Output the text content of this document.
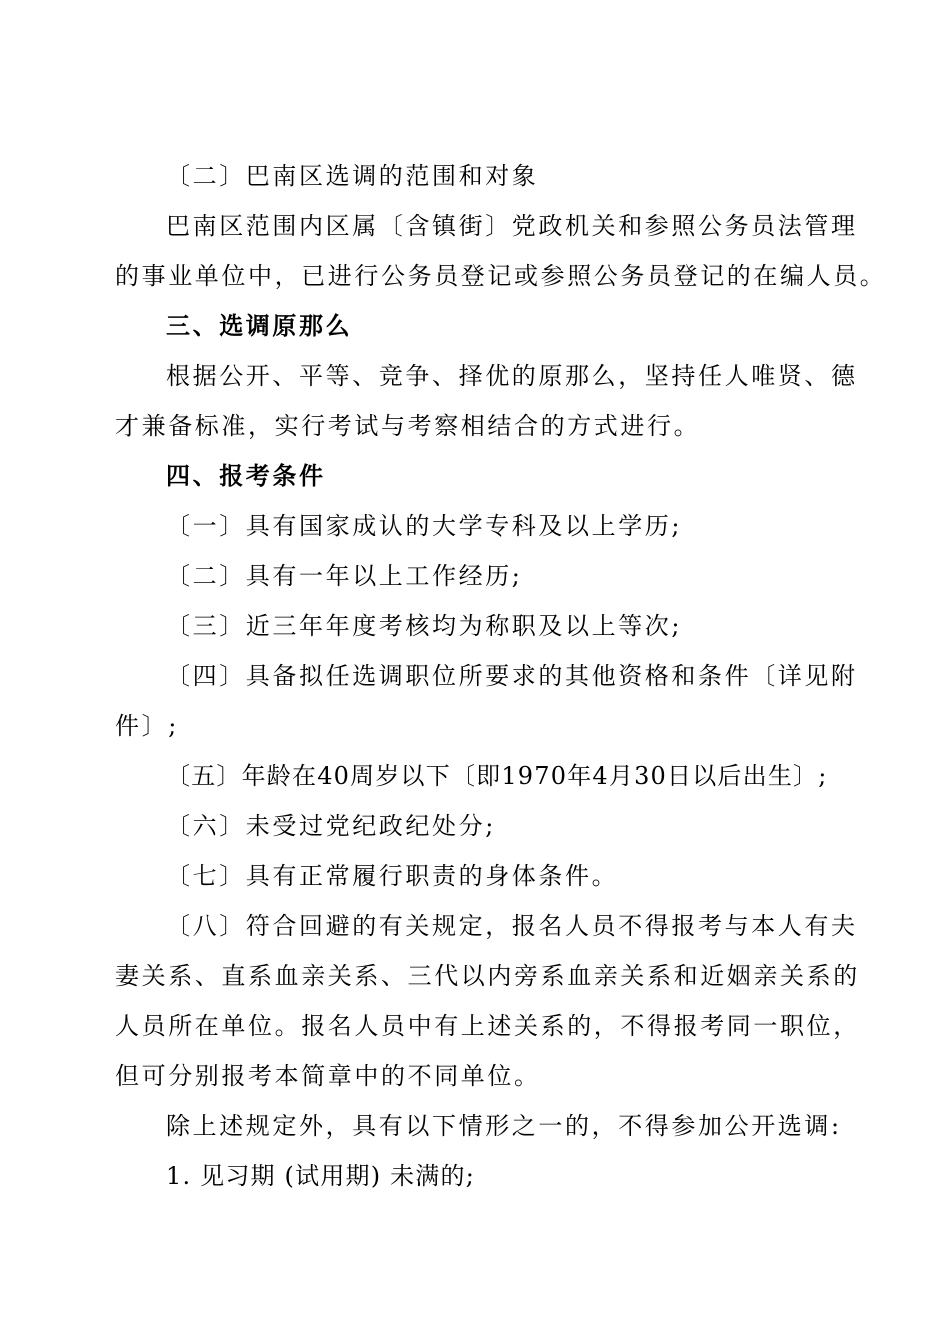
〔二〕巴南区选调的范围和对象
巴南区范围内区属〔含镇街〕党政机关和参照公务员法管理
的事业单位中，已进行公务员登记或参照公务员登记的在编人员。
三、选调原那么
根据公开、平等、竞争、择优的原那么，坚持任人唯贤、德
才兼备标准，实行考试与考察相结合的方式进行。
四、报考条件
〔一〕具有国家成认的大学专科及以上学历;
〔二〕具有一年以上工作经历;
〔三〕近三年年度考核均为称职及以上等次;
〔四〕具备拟任选调职位所要求的其他资格和条件〔详见附
件〕;
〔五〕年龄在40周岁以下〔即1970年4月30日以后出生〕;
〔六〕未受过党纪政纪处分;
〔七〕具有正常履行职责的身体条件。
〔八〕符合回避的有关规定，报名人员不得报考与本人有夫
妻关系、直系血亲关系、三代以内旁系血亲关系和近姻亲关系的
人员所在单位。报名人员中有上述关系的，不得报考同一职位，
但可分别报考本简章中的不同单位。
除上述规定外，具有以下情形之一的，不得参加公开选调:
1. 见习期 (试用期) 未满的;
